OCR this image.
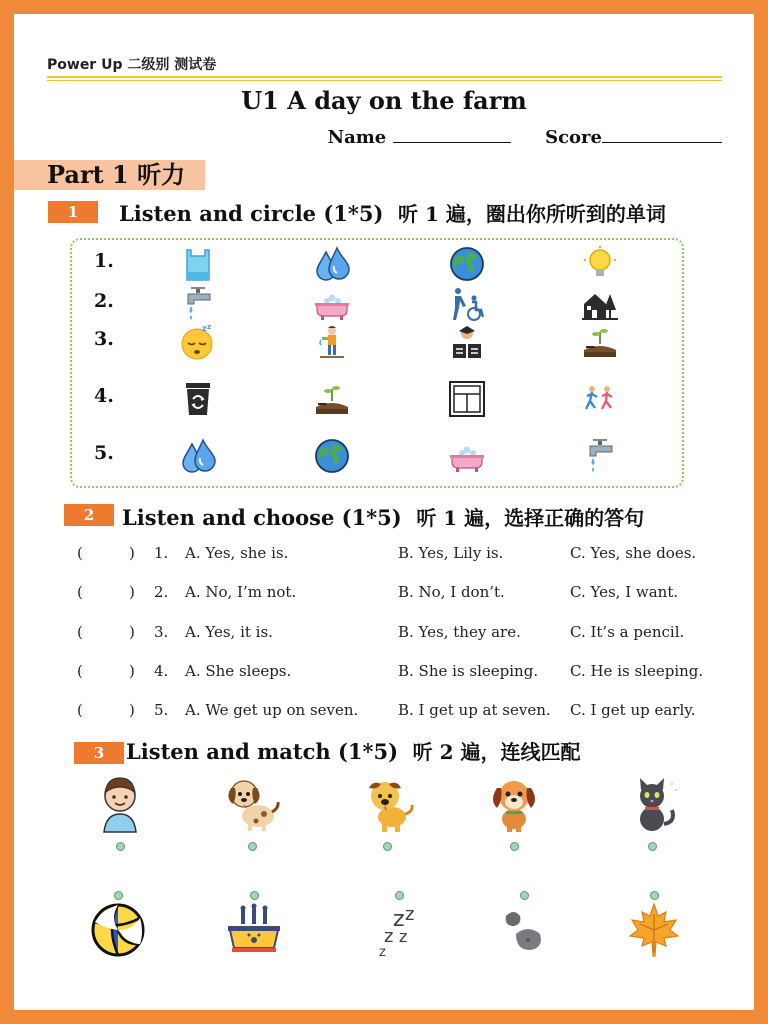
Power Up 二级别 测试卷
U1 A day on the farm
Name	Score
Part 1 听力
1	Listen and circle (1*5) 听 1 遍，圈出你所听到的单词
1.
2.
3.	z z
4.
5.
2	Listen and choose (1*5) 听 1 遍，选择正确的答句
(	) 1. A. Yes, she is.	B. Yes, Lily is.	C. Yes, she does.
(	) 2. A. No, I’m not.	B. No, I don’t.	C. Yes, I want.
(	) 3. A. Yes, it is.	B. Yes, they are.	C. It’s a pencil.
(	) 4. A. She sleeps.	B. She is sleeping. C. He is sleeping.
(	) 5. A. We get up on seven.	B. I get up at seven. C. I get up early.
3	Listen and match (1*5) 听 2 遍，连线匹配
z z
z z
z
